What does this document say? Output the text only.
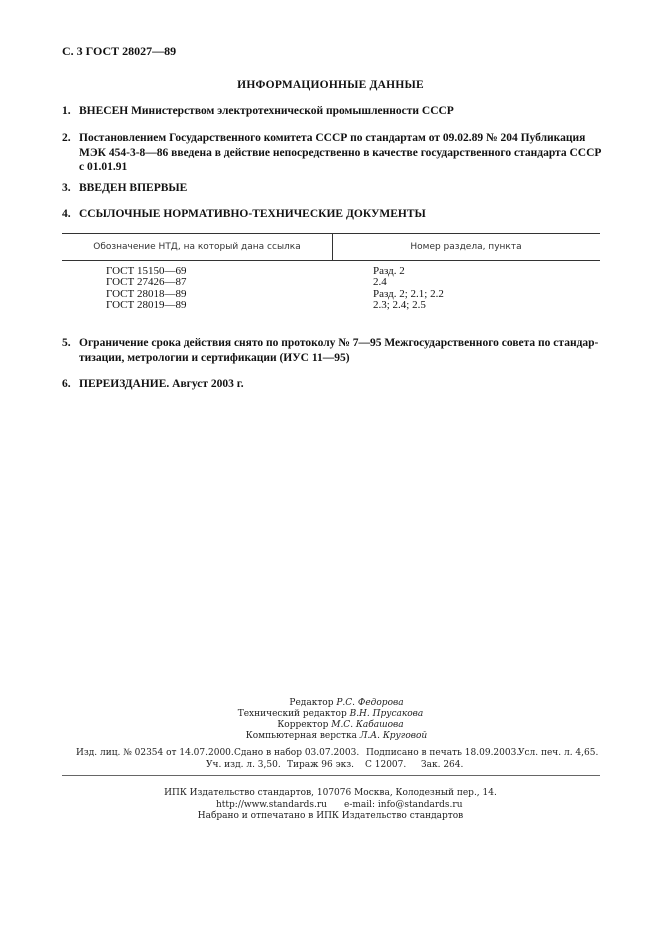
С. 3 ГОСТ 28027—89
ИНФОРМАЦИОННЫЕ ДАННЫЕ
1. ВНЕСЕН Министерством электротехнической промышленности СССР
2. Постановлением Государственного комитета СССР по стандартам от 09.02.89 № 204 Публикация
МЭК 454-3-8—86 введена в действие непосредственно в качестве государственного стандарта СССР
с 01.01.91
3. ВВЕДЕН ВПЕРВЫЕ
4. ССЫЛОЧНЫЕ НОРМАТИВНО-ТЕХНИЧЕСКИЕ ДОКУМЕНТЫ
Обозначение НТД, на который дана ссылка	Номер раздела, пункта
ГОСТ 15150—69	Разд. 2
ГОСТ 27426—87	2.4
ГОСТ 28018—89	Разд. 2; 2.1; 2.2
ГОСТ 28019—89	2.3; 2.4; 2.5
5. Ограничение срока действия снято по протоколу № 7—95 Межгосударственного совета по стандар-
тизации, метрологии и сертификации (ИУС 11—95)
6. ПЕРЕИЗДАНИЕ. Август 2003 г.
Редактор Р.С. Федорова
Технический редактор В.Н. Прусакова
Корректор М.С. Кабашова
Компьютерная верстка Л.А. Круговой
Изд. лиц. № 02354 от 14.07.2000. Сдано в набор 03.07.2003. Подписано в печать 18.09.2003.
Усл. печ. л. 4,65.
Уч. изд. л. 3,50. Тираж 96 экз. С 12007. Зак. 264.
ИПК Издательство стандартов, 107076 Москва, Колодезный пер., 14.
http://www.standards.ru e-mail: info@standards.ru
Набрано и отпечатано в ИПК Издательство стандартов
